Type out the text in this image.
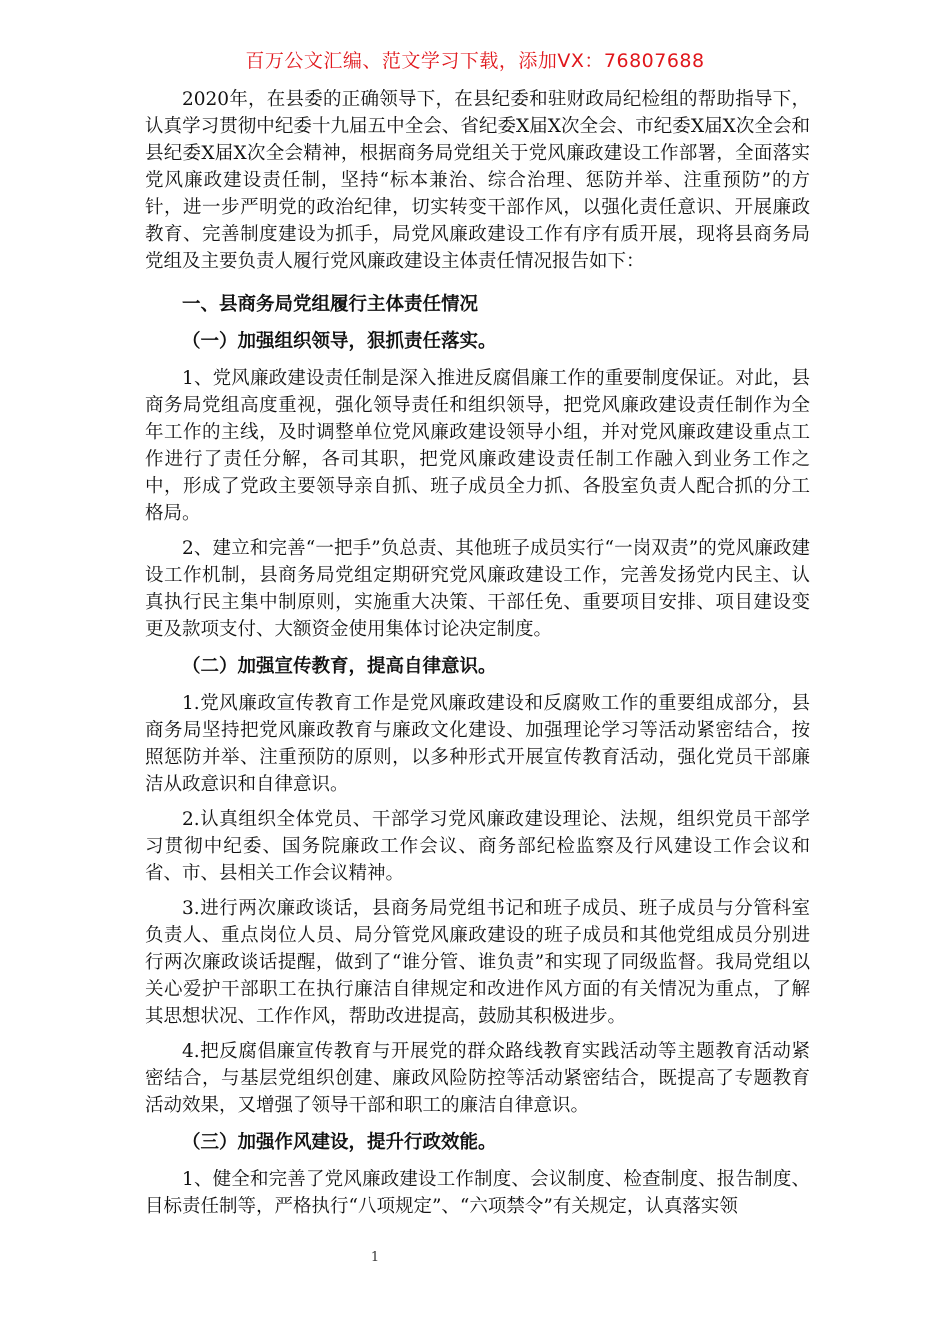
百万公文汇编、范文学习下载，添加VX：76807688

2020年，在县委的正确领导下，在县纪委和驻财政局纪检组的帮助指导下，认真学习贯彻中纪委十九届五中全会、省纪委X届X次全会、市纪委X届X次全会和县纪委X届X次全会精神，根据商务局党组关于党风廉政建设工作部署，全面落实党风廉政建设责任制，坚持“标本兼治、综合治理、惩防并举、注重预防”的方针，进一步严明党的政治纪律，切实转变干部作风，以强化责任意识、开展廉政教育、完善制度建设为抓手，局党风廉政建设工作有序有质开展，现将县商务局党组及主要负责人履行党风廉政建设主体责任情况报告如下：

一、县商务局党组履行主体责任情况

（一）加强组织领导，狠抓责任落实。

1、党风廉政建设责任制是深入推进反腐倡廉工作的重要制度保证。对此，县商务局党组高度重视，强化领导责任和组织领导，把党风廉政建设责任制作为全年工作的主线，及时调整单位党风廉政建设领导小组，并对党风廉政建设重点工作进行了责任分解，各司其职，把党风廉政建设责任制工作融入到业务工作之中，形成了党政主要领导亲自抓、班子成员全力抓、各股室负责人配合抓的分工格局。

2、建立和完善“一把手”负总责、其他班子成员实行“一岗双责”的党风廉政建设工作机制，县商务局党组定期研究党风廉政建设工作，完善发扬党内民主、认真执行民主集中制原则，实施重大决策、干部任免、重要项目安排、项目建设变更及款项支付、大额资金使用集体讨论决定制度。

（二）加强宣传教育，提高自律意识。

1.党风廉政宣传教育工作是党风廉政建设和反腐败工作的重要组成部分，县商务局坚持把党风廉政教育与廉政文化建设、加强理论学习等活动紧密结合，按照惩防并举、注重预防的原则，以多种形式开展宣传教育活动，强化党员干部廉洁从政意识和自律意识。

2.认真组织全体党员、干部学习党风廉政建设理论、法规，组织党员干部学习贯彻中纪委、国务院廉政工作会议、商务部纪检监察及行风建设工作会议和省、市、县相关工作会议精神。

3.进行两次廉政谈话，县商务局党组书记和班子成员、班子成员与分管科室负责人、重点岗位人员、局分管党风廉政建设的班子成员和其他党组成员分别进行两次廉政谈话提醒，做到了“谁分管、谁负责”和实现了同级监督。我局党组以关心爱护干部职工在执行廉洁自律规定和改进作风方面的有关情况为重点，了解其思想状况、工作作风，帮助改进提高，鼓励其积极进步。

4.把反腐倡廉宣传教育与开展党的群众路线教育实践活动等主题教育活动紧密结合，与基层党组织创建、廉政风险防控等活动紧密结合，既提高了专题教育活动效果，又增强了领导干部和职工的廉洁自律意识。

（三）加强作风建设，提升行政效能。

1、健全和完善了党风廉政建设工作制度、会议制度、检查制度、报告制度、目标责任制等，严格执行“八项规定”、“六项禁令”有关规定，认真落实领

1
